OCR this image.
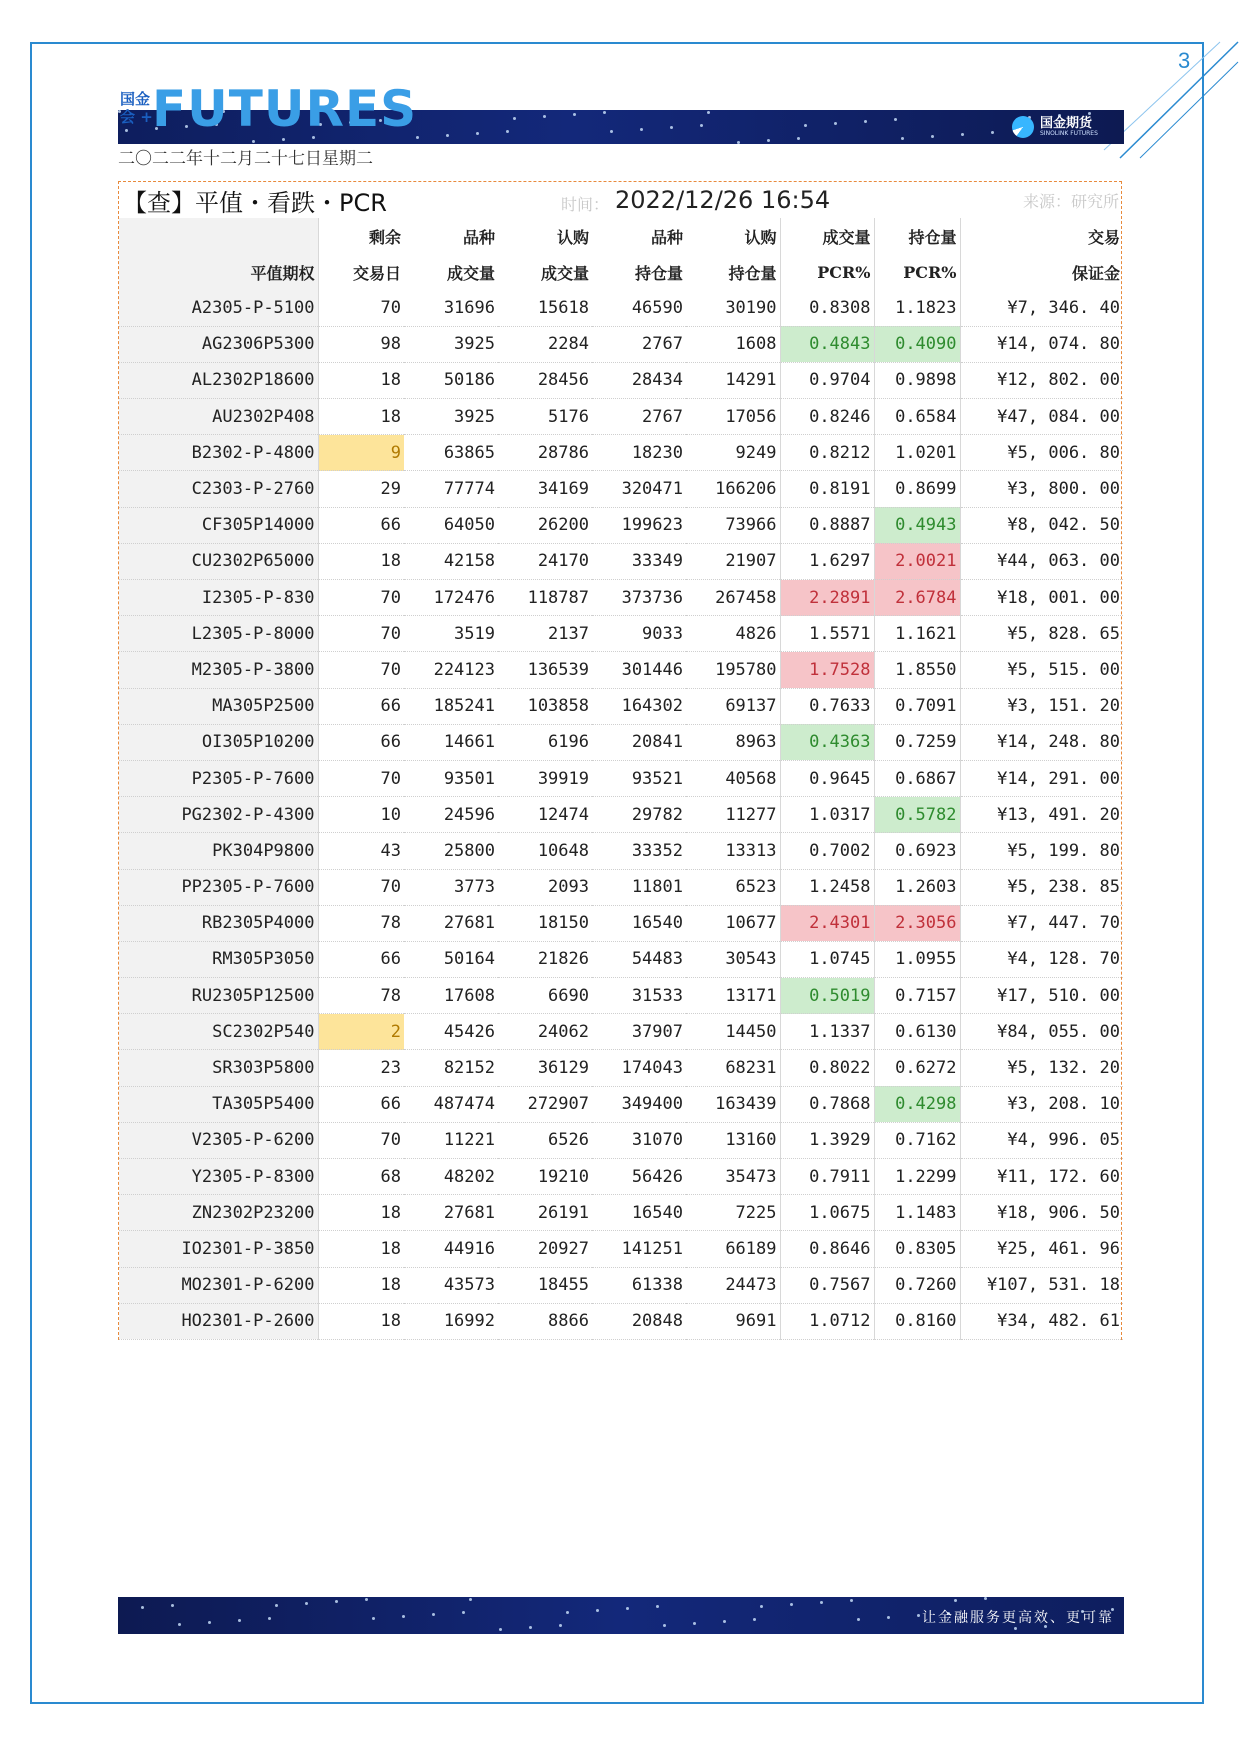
3
国金
会 + FUTURES	国金期货
SINOLINK FUTURES
二〇二二年十二月二十七日星期二
【查】平值・看跌・PCR	时间： 2022/12/26 16:54	来源：研究所
	剩余	品种	认购	品种	认购	成交量	持仓量	交易
平值期权	交易日	成交量	成交量	持仓量	持仓量	PCR%	PCR%	保证金
A2305-P-5100	70	31696	15618	46590	30190	0.8308	1.1823	¥7, 346. 40
AG2306P5300	98	3925	2284	2767	1608	0.4843	0.4090	¥14, 074. 80
AL2302P18600	18	50186	28456	28434	14291	0.9704	0.9898	¥12, 802. 00
AU2302P408	18	3925	5176	2767	17056	0.8246	0.6584	¥47, 084. 00
B2302-P-4800	9	63865	28786	18230	9249	0.8212	1.0201	¥5, 006. 80
C2303-P-2760	29	77774	34169	320471	166206	0.8191	0.8699	¥3, 800. 00
CF305P14000	66	64050	26200	199623	73966	0.8887	0.4943	¥8, 042. 50
CU2302P65000	18	42158	24170	33349	21907	1.6297	2.0021	¥44, 063. 00
I2305-P-830	70	172476	118787	373736	267458	2.2891	2.6784	¥18, 001. 00
L2305-P-8000	70	3519	2137	9033	4826	1.5571	1.1621	¥5, 828. 65
M2305-P-3800	70	224123	136539	301446	195780	1.7528	1.8550	¥5, 515. 00
MA305P2500	66	185241	103858	164302	69137	0.7633	0.7091	¥3, 151. 20
OI305P10200	66	14661	6196	20841	8963	0.4363	0.7259	¥14, 248. 80
P2305-P-7600	70	93501	39919	93521	40568	0.9645	0.6867	¥14, 291. 00
PG2302-P-4300	10	24596	12474	29782	11277	1.0317	0.5782	¥13, 491. 20
PK304P9800	43	25800	10648	33352	13313	0.7002	0.6923	¥5, 199. 80
PP2305-P-7600	70	3773	2093	11801	6523	1.2458	1.2603	¥5, 238. 85
RB2305P4000	78	27681	18150	16540	10677	2.4301	2.3056	¥7, 447. 70
RM305P3050	66	50164	21826	54483	30543	1.0745	1.0955	¥4, 128. 70
RU2305P12500	78	17608	6690	31533	13171	0.5019	0.7157	¥17, 510. 00
SC2302P540	2	45426	24062	37907	14450	1.1337	0.6130	¥84, 055. 00
SR303P5800	23	82152	36129	174043	68231	0.8022	0.6272	¥5, 132. 20
TA305P5400	66	487474	272907	349400	163439	0.7868	0.4298	¥3, 208. 10
V2305-P-6200	70	11221	6526	31070	13160	1.3929	0.7162	¥4, 996. 05
Y2305-P-8300	68	48202	19210	56426	35473	0.7911	1.2299	¥11, 172. 60
ZN2302P23200	18	27681	26191	16540	7225	1.0675	1.1483	¥18, 906. 50
IO2301-P-3850	18	44916	20927	141251	66189	0.8646	0.8305	¥25, 461. 96
MO2301-P-6200	18	43573	18455	61338	24473	0.7567	0.7260	¥107, 531. 18
HO2301-P-2600	18	16992	8866	20848	9691	1.0712	0.8160	¥34, 482. 61
让金融服务更高效、更可靠
